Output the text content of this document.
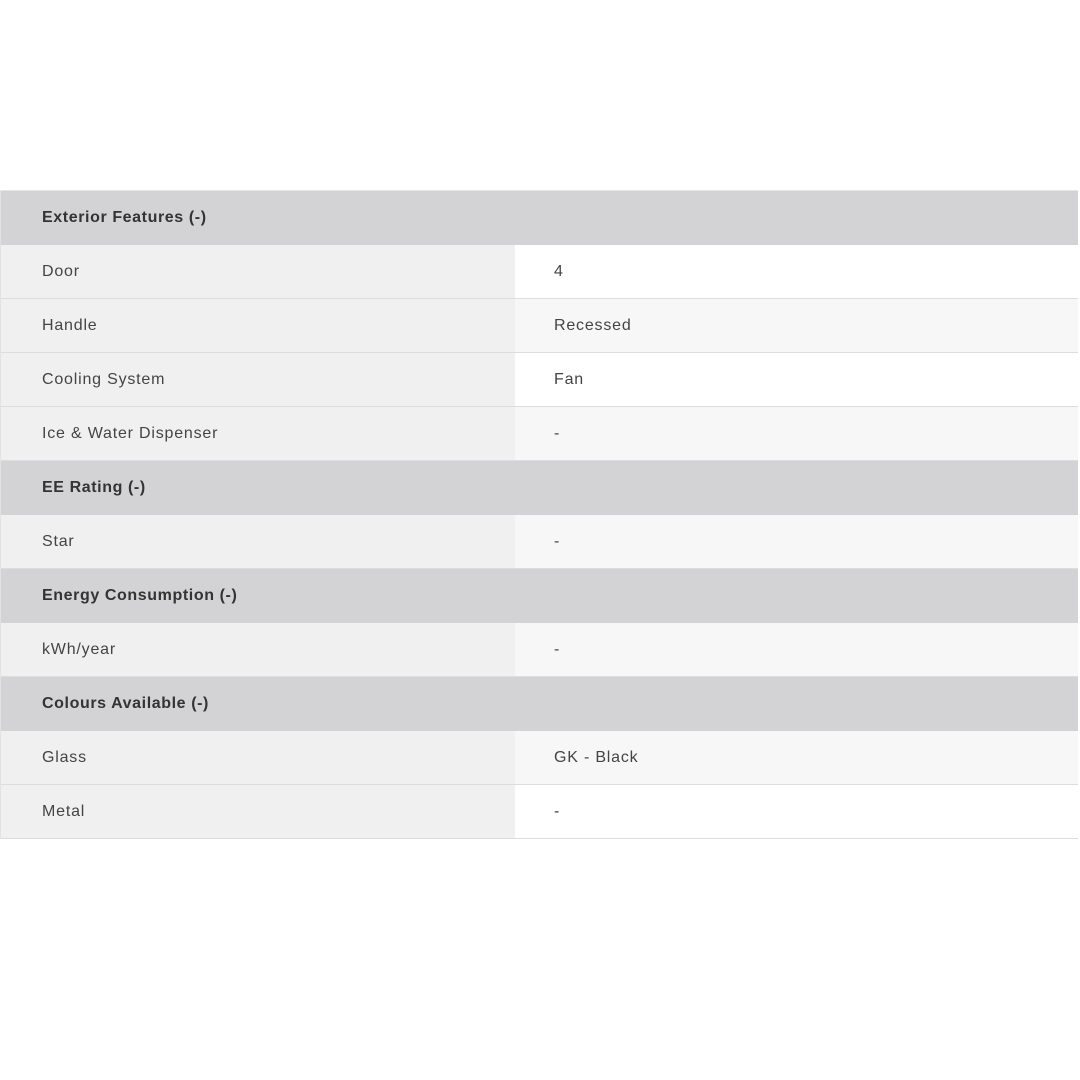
Exterior Features (-)
Door	4
Handle	Recessed
Cooling System	Fan
Ice & Water Dispenser	-
EE Rating (-)
Star	-
Energy Consumption (-)
kWh/year	-
Colours Available (-)
Glass	GK - Black
Metal	-
